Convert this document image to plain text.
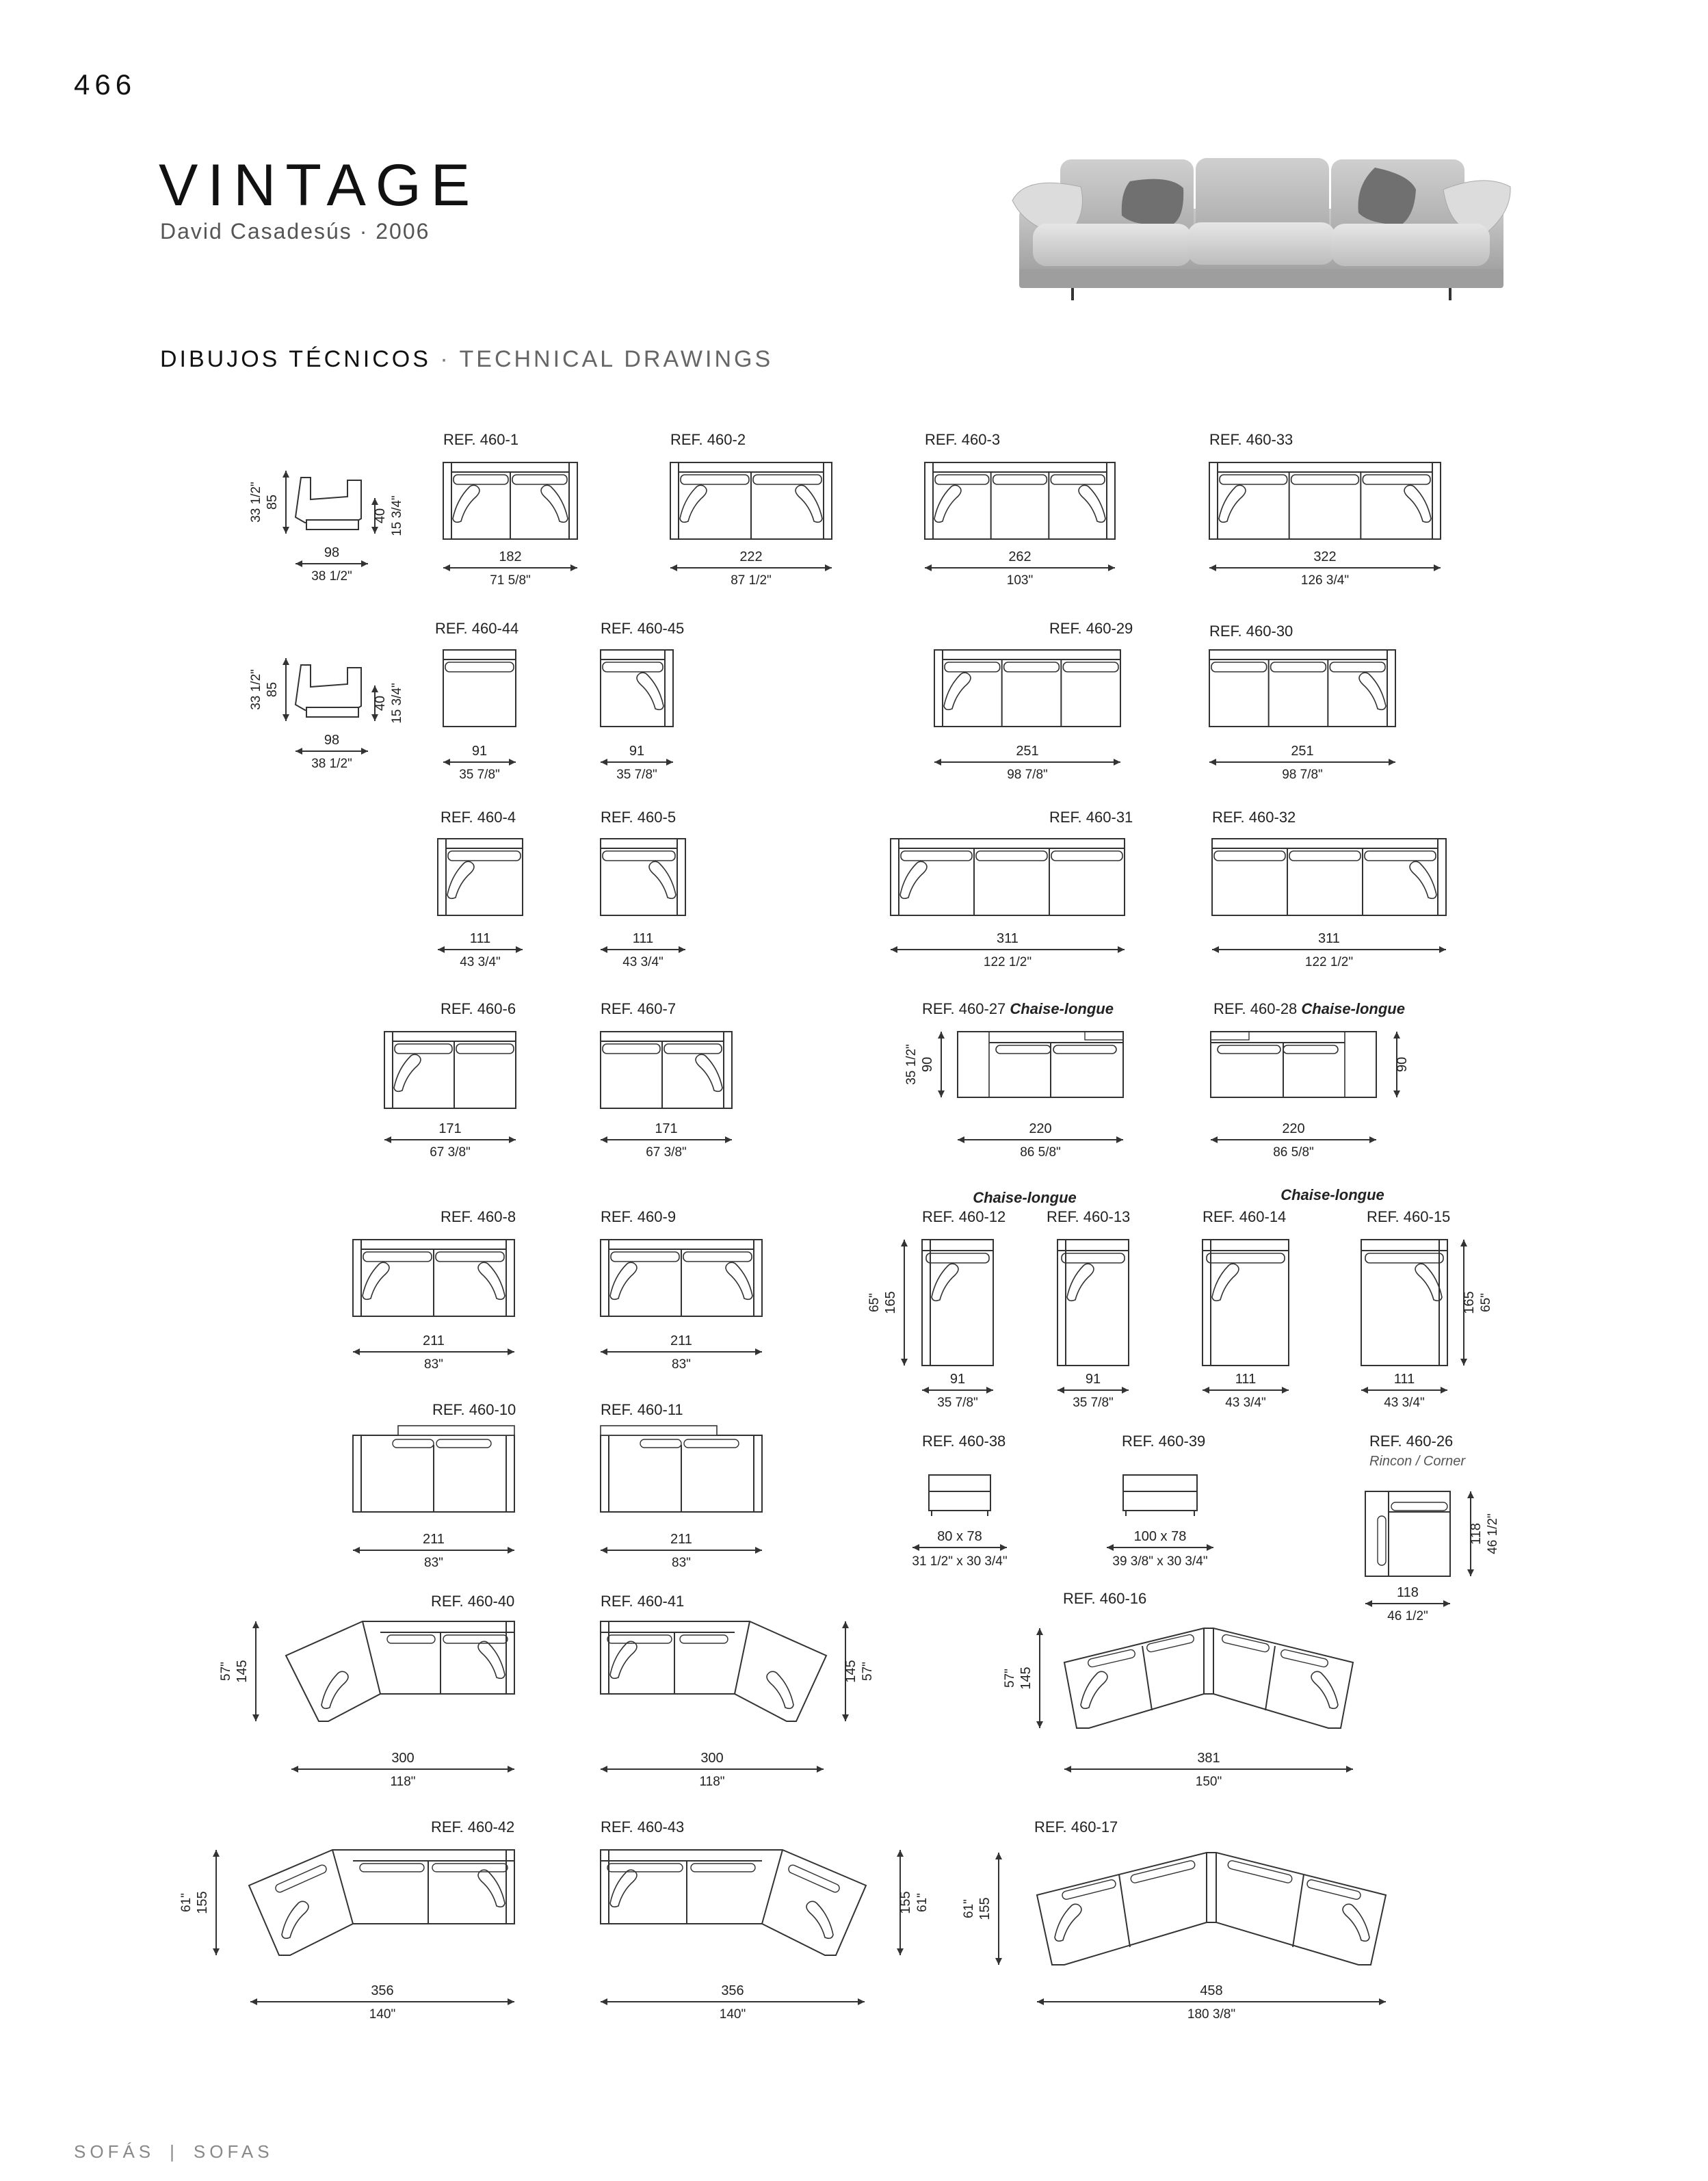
466
VINTAGE
David Casadesús · 2006
DIBUJOS TÉCNICOS · TECHNICAL DRAWINGS
85
33 1/2"	40 15 3/4"
98
38 1/2"
85
33 1/2"	40 15 3/4"
98
38 1/2"
REF. 460-1
182
71 5/8"
REF. 460-2
222
87 1/2"
REF. 460-3
262
103"
REF. 460-33
322
126 3/4"
REF. 460-44
91
35 7/8"
REF. 460-45
91
35 7/8"
REF. 460-29
251
98 7/8"
REF. 460-30
251
98 7/8"
REF. 460-4
111
43 3/4"
REF. 460-5
111
43 3/4"
REF. 460-31
311
122 1/2"
REF. 460-32
311
122 1/2"
REF. 460-6
171
67 3/8"
REF. 460-7
171
67 3/8"
REF. 460-27 Chaise-longue
90
35 1/2"
220
86 5/8"
REF. 460-28 Chaise-longue
90
220
86 5/8"
Chaise-longue	Chaise-longue
REF. 460-8
211
83"
REF. 460-9
211
83"
REF. 460-12
91
35 7/8"
165
65"
REF. 460-13
91
35 7/8"
REF. 460-14
111
43 3/4"
REF. 460-15
111
43 3/4"
165 65"
REF. 460-10
211
83"
REF. 460-11
211
83"
REF. 460-38
80 x 78
31 1/2" x 30 3/4"
REF. 460-39
100 x 78
39 3/8" x 30 3/4"
REF. 460-26
Rincon / Corner
118 46 1/2"
118
46 1/2"
REF. 460-40
145
57"
300
118"
REF. 460-41
145 57"
300
118"
REF. 460-16
145
57"
381
150"
REF. 460-42
155
61"
356
140"
REF. 460-43
155 61"
356
140"
REF. 460-17
155
61"
458
180 3/8"
SOFÁS | SOFAS
